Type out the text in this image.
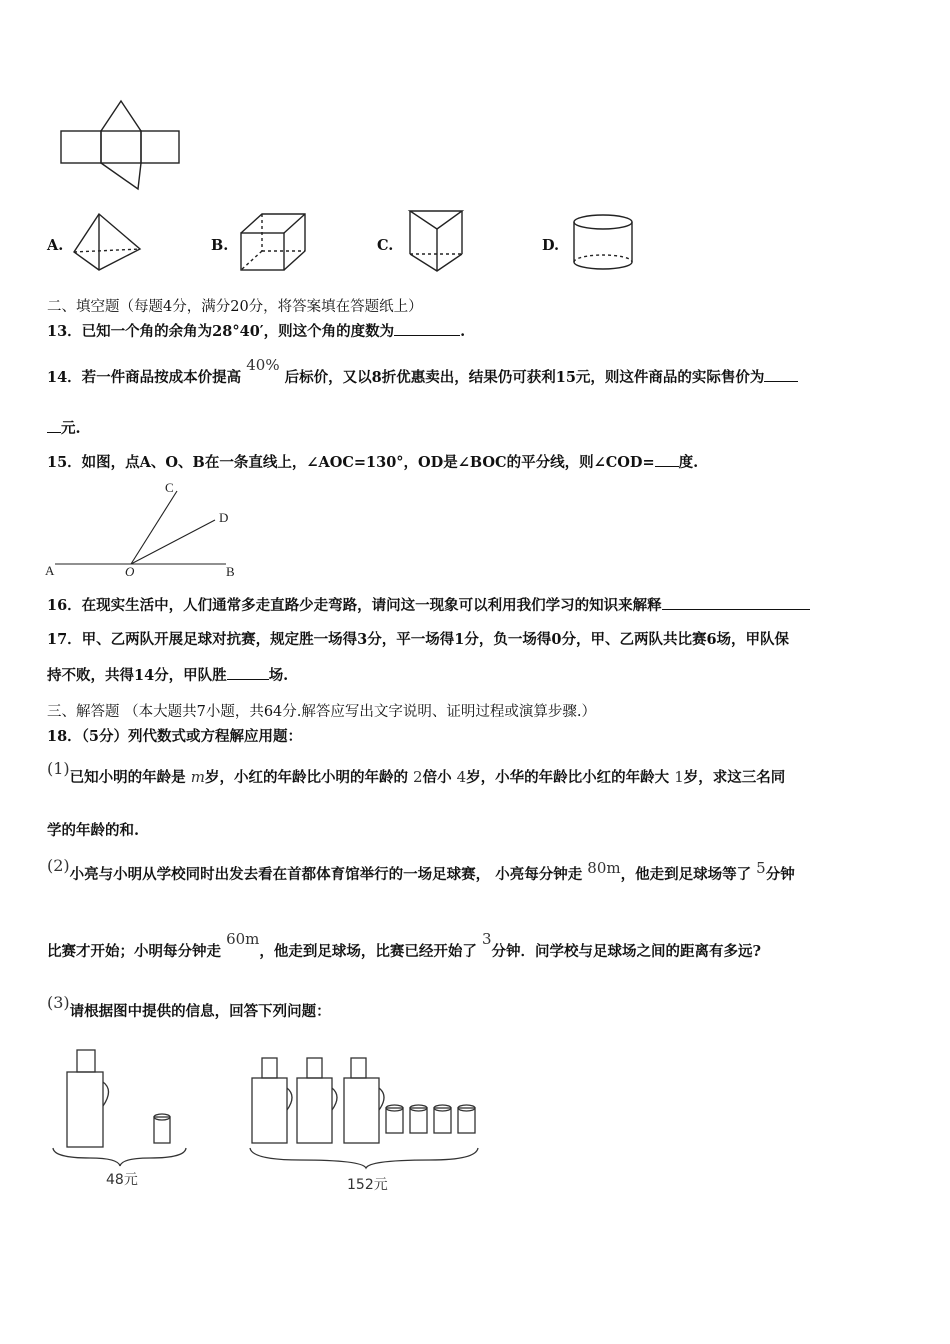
A.	B.	C.	D.
二、填空题（每题4分，满分20分，将答案填在答题纸上）
13．已知一个角的余角为28°40′，则这个角的度数为	.
14．若一件商品按成本价提高 40% 后标价，又以8折优惠卖出，结果仍可获利15元，则这件商品的实际售价为
元.
15．如图，点A、O、B在一条直线上，∠AOC=130°，OD是∠BOC的平分线，则∠COD= 度.
C
D
A	O	B
16．在现实生活中，人们通常多走直路少走弯路，请问这一现象可以利用我们学习的知识来解释
17．甲、乙两队开展足球对抗赛，规定胜一场得3分，平一场得1分，负一场得0分，甲、乙两队共比赛6场，甲队保
持不败，共得14分，甲队胜	场.
三、解答题 （本大题共7小题，共64分.解答应写出文字说明、证明过程或演算步骤.）
18．（5分）列代数式或方程解应用题：
(1)已知小明的年龄是 m岁，小红的年龄比小明的年龄的 2倍小 4岁，小华的年龄比小红的年龄大 1岁，求这三名同
学的年龄的和.
(2)小亮与小明从学校同时出发去看在首都体育馆举行的一场足球赛， 小亮每分钟走 80m，他走到足球场等了 5分钟
比赛才开始；小明每分钟走 60m，他走到足球场，比赛已经开始了 3分钟．问学校与足球场之间的距离有多远?
(3)请根据图中提供的信息，回答下列问题：
48元	152元
